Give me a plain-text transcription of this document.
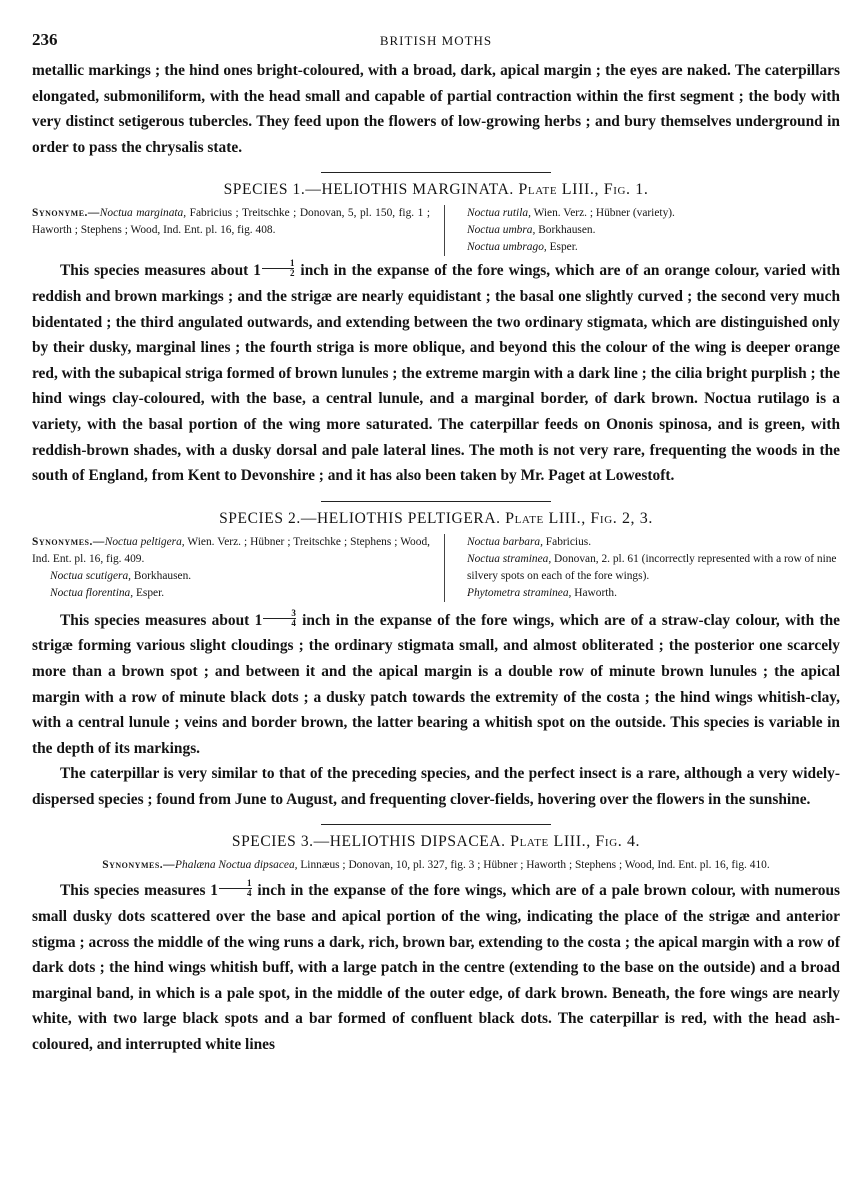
236	BRITISH MOTHS

metallic markings ; the hind ones bright-coloured, with a broad, dark, apical margin ; the eyes are naked. The caterpillars elongated, submoniliform, with the head small and capable of partial contraction within the first segment ; the body with very distinct setigerous tubercles. They feed upon the flowers of low-growing herbs ; and bury themselves underground in order to pass the chrysalis state.

SPECIES 1.—HELIOTHIS MARGINATA. Plate LIII., Fig. 1.
Synonyme.—Noctua marginata, Fabricius ; Treitschke ; Donovan, 5, pl. 150, fig. 1 ; Haworth ; Stephens ; Wood, Ind. Ent. pl. 16, fig. 408.
Noctua rutila, Wien. Verz. ; Hübner (variety).
Noctua umbra, Borkhausen.
Noctua umbrago, Esper.

This species measures about $1 \frac{1}{2}$ inch in the expanse of the fore wings, which are of an orange colour, varied with reddish and brown markings ; and the strigæ are nearly equidistant ; the basal one slightly curved ; the second very much bidentated ; the third angulated outwards, and extending between the two ordinary stigmata, which are distinguished only by their dusky, marginal lines ; the fourth striga is more oblique, and beyond this the colour of the wing is deeper orange red, with the subapical striga formed of brown lunules ; the extreme margin with a dark line ; the cilia bright purplish ; the hind wings clay-coloured, with the base, a central lunule, and a marginal border, of dark brown. Noctua rutilago is a variety, with the basal portion of the wing more saturated. The caterpillar feeds on Ononis spinosa, and is green, with reddish-brown shades, with a dusky dorsal and pale lateral lines. The moth is not very rare, frequenting the woods in the south of England, from Kent to Devonshire ; and it has also been taken by Mr. Paget at Lowestoft.

SPECIES 2.—HELIOTHIS PELTIGERA. Plate LIII., Fig. 2, 3.
Synonymes.—Noctua peltigera, Wien. Verz. ; Hübner ; Treitschke ; Stephens ; Wood, Ind. Ent. pl. 16, fig. 409.
Noctua scutigera, Borkhausen.
Noctua florentina, Esper.
Noctua barbara, Fabricius.
Noctua straminea, Donovan, 2. pl. 61 (incorrectly represented with a row of nine silvery spots on each of the fore wings).
Phytometra straminea, Haworth.

This species measures about $1 \frac{3}{4}$ inch in the expanse of the fore wings, which are of a straw-clay colour, with the strigæ forming various slight cloudings ; the ordinary stigmata small, and almost obliterated ; the posterior one scarcely more than a brown spot ; and between it and the apical margin is a double row of minute brown lunules ; the apical margin with a row of minute black dots ; a dusky patch towards the extremity of the costa ; the hind wings whitish-clay, with a central lunule ; veins and border brown, the latter bearing a whitish spot on the outside. This species is variable in the depth of its markings.

The caterpillar is very similar to that of the preceding species, and the perfect insect is a rare, although a very widely-dispersed species ; found from June to August, and frequenting clover-fields, hovering over the flowers in the sunshine.

SPECIES 3.—HELIOTHIS DIPSACEA. Plate LIII., Fig. 4.
Synonymes.—Phalæna Noctua dipsacea, Linnæus ; Donovan, 10, pl. 327, fig. 3 ; Hübner ; Haworth ; Stephens ; Wood, Ind. Ent. pl. 16, fig. 410.

This species measures $1 \frac{1}{4}$ inch in the expanse of the fore wings, which are of a pale brown colour, with numerous small dusky dots scattered over the base and apical portion of the wing, indicating the place of the strigæ and anterior stigma ; across the middle of the wing runs a dark, rich, brown bar, extending to the costa ; the apical margin with a row of dark dots ; the hind wings whitish buff, with a large patch in the centre (extending to the base on the outside) and a broad marginal band, in which is a pale spot, in the middle of the outer edge, of dark brown. Beneath, the fore wings are nearly white, with two large black spots and a bar formed of confluent black dots. The caterpillar is red, with the head ash-coloured, and interrupted white lines
